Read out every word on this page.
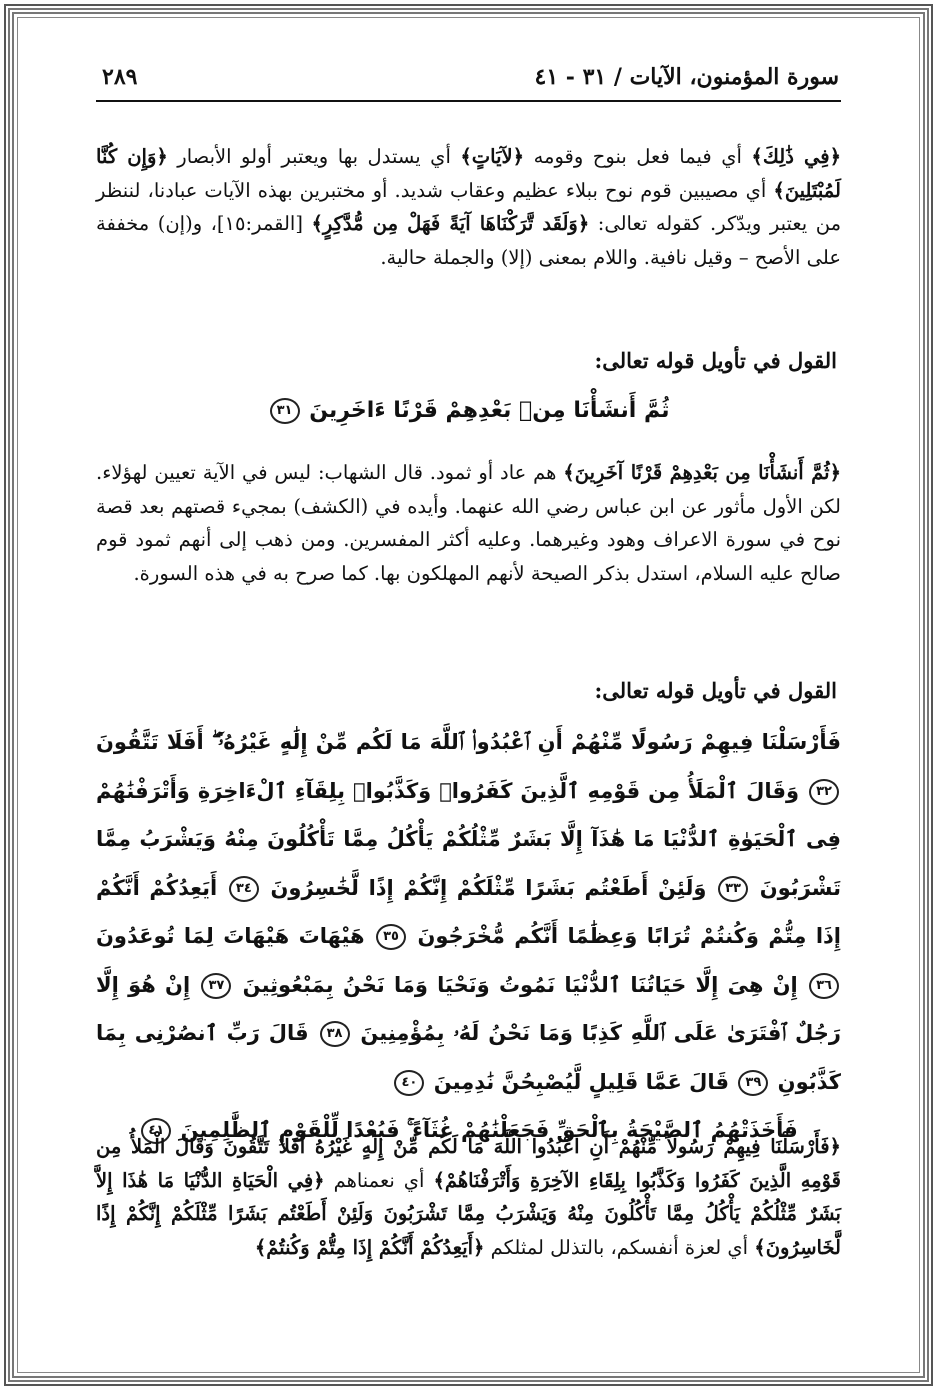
سورة المؤمنون، الآيات / ٣١ - ٤١
٢٨٩

﴿فِي ذَٰلِكَ﴾ أي فيما فعل بنوح وقومه ﴿لآيَاتٍ﴾ أي يستدل بها ويعتبر أولو الأبصار ﴿وَإِن كُنَّا لَمُبْتَلِينَ﴾ أي مصيبين قوم نوح ببلاء عظيم وعقاب شديد. أو مختبرين بهذه الآيات عبادنا، لننظر من يعتبر ويدّكر. كقوله تعالى: ﴿وَلَقَد تَّرَكْنَاهَا آيَةً فَهَلْ مِن مُّدَّكِرٍ﴾ [القمر:١٥]، و(إن) مخففة على الأصح – وقيل نافية. واللام بمعنى (إلا) والجملة حالية.

القول في تأويل قوله تعالى:
ثُمَّ أَنشَأْنَا مِنۢ بَعْدِهِمْ قَرْنًا ءَاخَرِينَ ٣١

﴿ثُمَّ أَنشَأْنَا مِن بَعْدِهِمْ قَرْنًا آخَرِينَ﴾ هم عاد أو ثمود. قال الشهاب: ليس في الآية تعيين لهؤلاء. لكن الأول مأثور عن ابن عباس رضي الله عنهما. وأيده في (الكشف) بمجيء قصتهم بعد قصة نوح في سورة الاعراف وهود وغيرهما. وعليه أكثر المفسرين. ومن ذهب إلى أنهم ثمود قوم صالح عليه السلام، استدل بذكر الصيحة لأنهم المهلكون بها. كما صرح به في هذه السورة.

القول في تأويل قوله تعالى:
فَأَرْسَلْنَا فِيهِمْ رَسُولًا مِّنْهُمْ أَنِ ٱعْبُدُوا۟ ٱللَّهَ مَا لَكُم مِّنْ إِلَٰهٍ غَيْرُهُۥٓ ۖ أَفَلَا تَتَّقُونَ ٣٢ وَقَالَ ٱلْمَلَأُ مِن قَوْمِهِ ٱلَّذِينَ كَفَرُوا۟ وَكَذَّبُوا۟ بِلِقَآءِ ٱلْءَاخِرَةِ وَأَتْرَفْنَٰهُمْ فِى ٱلْحَيَوٰةِ ٱلدُّنْيَا مَا هَٰذَآ إِلَّا بَشَرٌ مِّثْلُكُمْ يَأْكُلُ مِمَّا تَأْكُلُونَ مِنْهُ وَيَشْرَبُ مِمَّا تَشْرَبُونَ ٣٣ وَلَئِنْ أَطَعْتُم بَشَرًا مِّثْلَكُمْ إِنَّكُمْ إِذًا لَّخَٰسِرُونَ ٣٤ أَيَعِدُكُمْ أَنَّكُمْ إِذَا مِتُّمْ وَكُنتُمْ تُرَابًا وَعِظَٰمًا أَنَّكُم مُّخْرَجُونَ ٣٥ هَيْهَاتَ هَيْهَاتَ لِمَا تُوعَدُونَ ٣٦ إِنْ هِىَ إِلَّا حَيَاتُنَا ٱلدُّنْيَا نَمُوتُ وَنَحْيَا وَمَا نَحْنُ بِمَبْعُوثِينَ ٣٧ إِنْ هُوَ إِلَّا رَجُلٌ ٱفْتَرَىٰ عَلَى ٱللَّهِ كَذِبًا وَمَا نَحْنُ لَهُۥ بِمُؤْمِنِينَ ٣٨ قَالَ رَبِّ ٱنصُرْنِى بِمَا كَذَّبُونِ ٣٩ قَالَ عَمَّا قَلِيلٍ لَّيُصْبِحُنَّ نَٰدِمِينَ ٤٠
فَأَخَذَتْهُمُ ٱلصَّيْحَةُ بِٱلْحَقِّ فَجَعَلْنَٰهُمْ غُثَآءً ۚ فَبُعْدًا لِّلْقَوْمِ ٱلظَّٰلِمِينَ ٤١

﴿فَأَرْسَلْنَا فِيهِمْ رَسُولاً مِّنْهُمْ أَنِ اعْبُدُوا اللَّهَ مَا لَكُم مِّنْ إِلَٰهٍ غَيْرُهُ أَفَلا تَتَّقُونَ وَقَالَ الْمَلأُ مِن قَوْمِهِ الَّذِينَ كَفَرُوا وَكَذَّبُوا بِلِقَاءِ الآخِرَةِ وَأَتْرَفْنَاهُمْ﴾ أي نعمناهم ﴿فِي الْحَيَاةِ الدُّنْيَا مَا هَٰذَا إِلاَّ بَشَرٌ مِّثْلُكُمْ يَأْكُلُ مِمَّا تَأْكُلُونَ مِنْهُ وَيَشْرَبُ مِمَّا تَشْرَبُونَ وَلَئِنْ أَطَعْتُم بَشَرًا مِّثْلَكُمْ إِنَّكُمْ إِذًا لَّخَاسِرُونَ﴾ أي لعزة أنفسكم، بالتذلل لمثلكم ﴿أَيَعِدُكُمْ أَنَّكُمْ إِذَا مِتُّمْ وَكُنتُمْ﴾
